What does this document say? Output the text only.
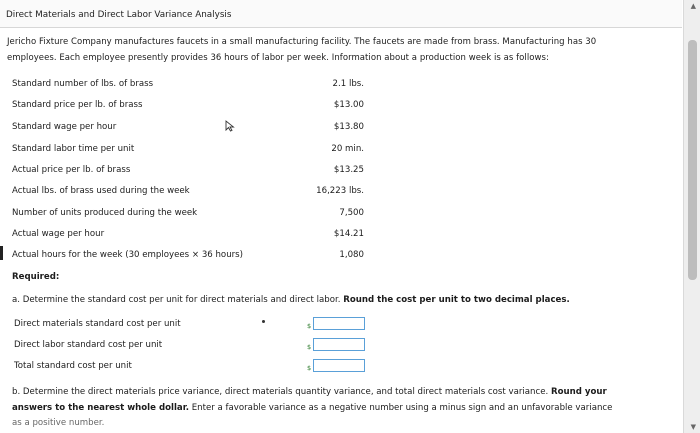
Direct Materials and Direct Labor Variance Analysis
Jericho Fixture Company manufactures faucets in a small manufacturing facility. The faucets are made from brass. Manufacturing has 30
employees. Each employee presently provides 36 hours of labor per week. Information about a production week is as follows:
Standard number of lbs. of brass	2.1 lbs.
Standard price per lb. of brass	$13.00
Standard wage per hour	$13.80
Standard labor time per unit	20 min.
Actual price per lb. of brass	$13.25
Actual lbs. of brass used during the week	16,223 lbs.
Number of units produced during the week	7,500
Actual wage per hour	$14.21
Actual hours for the week (30 employees × 36 hours)	1,080
Required:
a. Determine the standard cost per unit for direct materials and direct labor. Round the cost per unit to two decimal places.
Direct materials standard cost per unit	$
Direct labor standard cost per unit	$
Total standard cost per unit	$
b. Determine the direct materials price variance, direct materials quantity variance, and total direct materials cost variance. Round your
answers to the nearest whole dollar. Enter a favorable variance as a negative number using a minus sign and an unfavorable variance
as a positive number.
▲
▼
